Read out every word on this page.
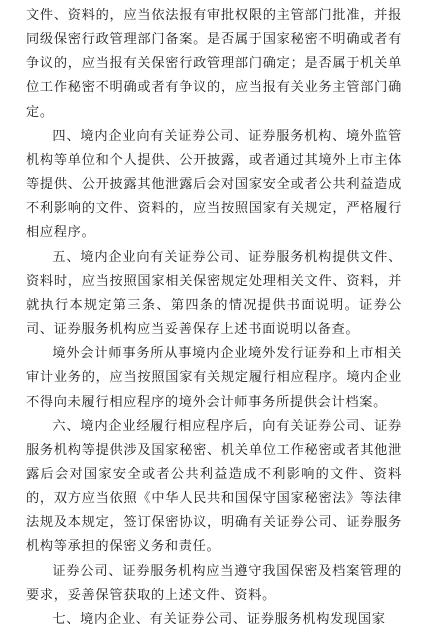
文件、资料的，应当依法报有审批权限的主管部门批准，并报同级保密行政管理部门备案。是否属于国家秘密不明确或者有争议的，应当报有关保密行政管理部门确定；是否属于机关单位工作秘密不明确或者有争议的，应当报有关业务主管部门确定。

四、境内企业向有关证券公司、证券服务机构、境外监管机构等单位和个人提供、公开披露，或者通过其境外上市主体等提供、公开披露其他泄露后会对国家安全或者公共利益造成不利影响的文件、资料的，应当按照国家有关规定，严格履行相应程序。

五、境内企业向有关证券公司、证券服务机构提供文件、资料时，应当按照国家相关保密规定处理相关文件、资料，并就执行本规定第三条、第四条的情况提供书面说明。证券公司、证券服务机构应当妥善保存上述书面说明以备查。

境外会计师事务所从事境内企业境外发行证券和上市相关审计业务的，应当按照国家有关规定履行相应程序。境内企业不得向未履行相应程序的境外会计师事务所提供会计档案。

六、境内企业经履行相应程序后，向有关证券公司、证券服务机构等提供涉及国家秘密、机关单位工作秘密或者其他泄露后会对国家安全或者公共利益造成不利影响的文件、资料的，双方应当依照《中华人民共和国保守国家秘密法》等法律法规及本规定，签订保密协议，明确有关证券公司、证券服务机构等承担的保密义务和责任。

证券公司、证券服务机构应当遵守我国保密及档案管理的要求，妥善保管获取的上述文件、资料。

七、境内企业、有关证券公司、证券服务机构发现国家
